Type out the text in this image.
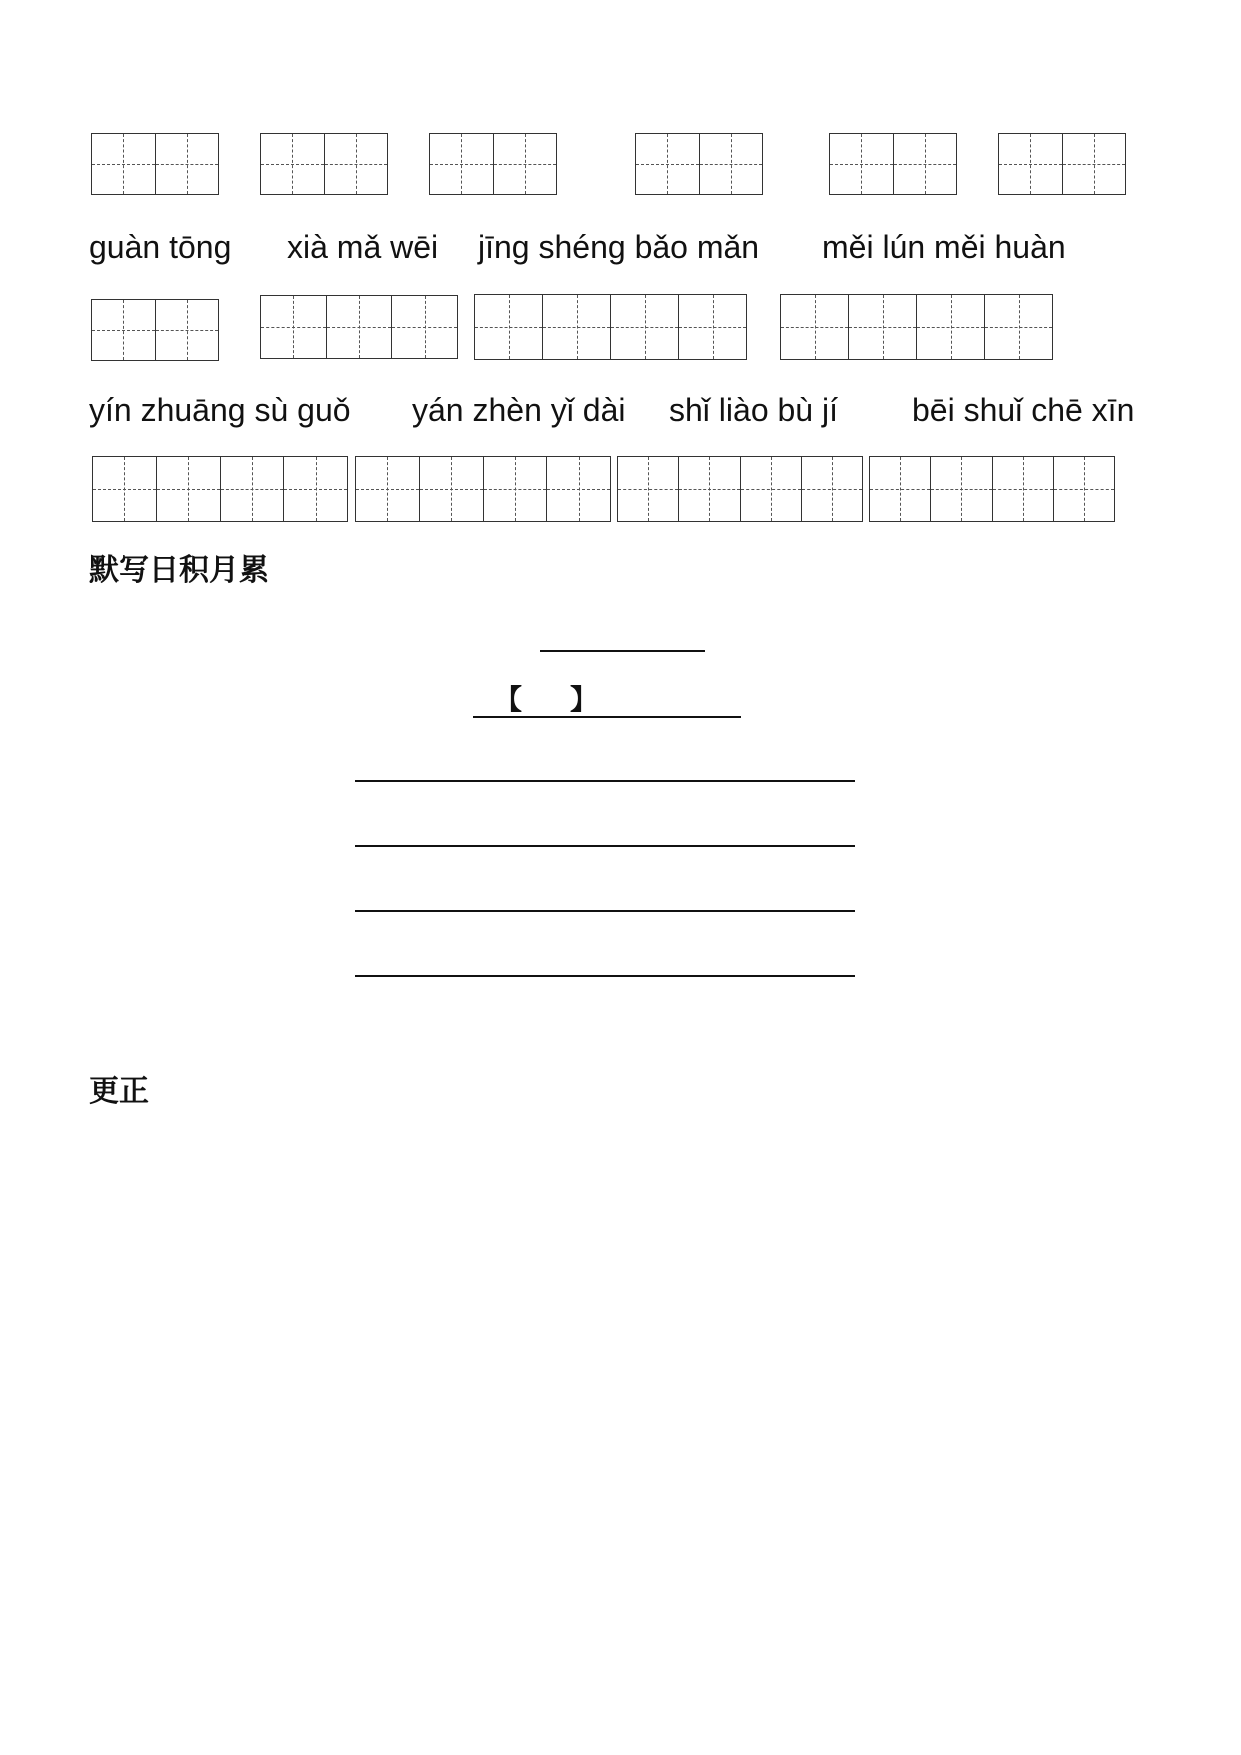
guàn tōng xià mǎ wēi jīng shéng bǎo mǎn měi lún měi huàn
yín zhuāng sù guǒ yán zhèn yǐ dài shǐ liào bù jí bēi shuǐ chē xīn
默写日积月累
【 】
更正
